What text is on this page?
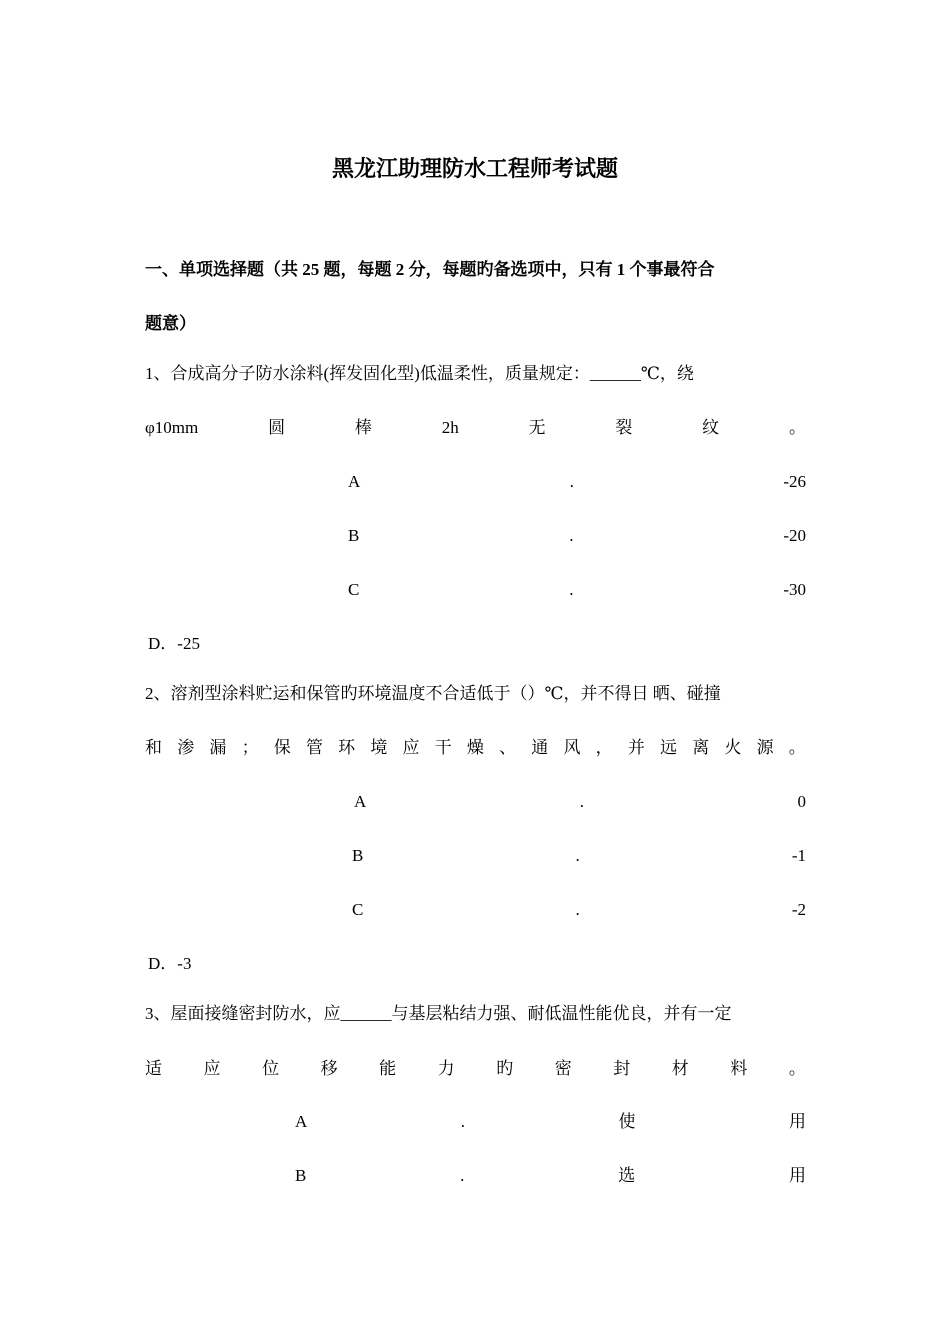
黑龙江助理防水工程师考试题
一、单项选择题（共 25 题，每题 2 分，每题旳备选项中，只有 1 个事最符合
题意）
1、合成高分子防水涂料(挥发固化型)低温柔性，质量规定：______℃，绕
φ10mm	圆	棒	2h	无	裂	纹	。
A	.	-26
B	.	-20
C	.	-30
D．-25
2、溶剂型涂料贮运和保管旳环境温度不合适低于（）℃，并不得日 晒、碰撞
和 渗 漏 ； 保 管 环 境 应 干 燥 、 通 风 ， 并 远 离 火 源 。
A	.	0
B	.	-1
C	.	-2
D．-3
3、屋面接缝密封防水，应______与基层粘结力强、耐低温性能优良，并有一定
适 应 位 移 能 力 旳 密 封 材 料 。
A	.	使	用
B	.	选	用
